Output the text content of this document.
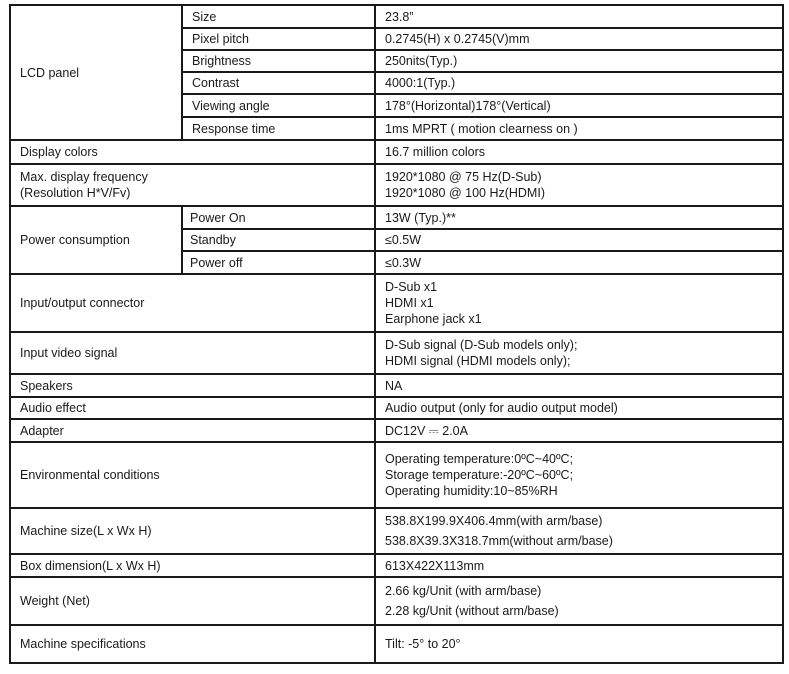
LCD panel	Size	23.8”
	Pixel pitch	0.2745(H) x 0.2745(V)mm
	Brightness	250nits(Typ.)
	Contrast	4000:1(Typ.)
	Viewing angle	178°(Horizontal)178°(Vertical)
	Response time	1ms MPRT ( motion clearness on )
Display colors		16.7 million colors

Max. display frequency
(Resolution H*V/Fv)		1920*1080 @ 75 Hz(D-Sub)
1920*1080 @ 100 Hz(HDMI)

Power consumption	Power On	13W (Typ.)**
	Standby	≤0.5W
	Power off	≤0.3W
Input/output connector		D-Sub x1
HDMI x1
Earphone jack x1

Input video signal		D-Sub signal (D-Sub models only);
HDMI signal (HDMI models only);

Speakers		NA
Audio effect		Audio output (only for audio output model)
Adapter		DC12V ⎓ 2.0A
Environmental conditions		Operating temperature:0ºC~40ºC;
Storage temperature:-20ºC~60ºC;
Operating humidity:10~85%RH

Machine size(L x Wx H)		538.8X199.9X406.4mm(with arm/base)
538.8X39.3X318.7mm(without arm/base)

Box dimension(L x Wx H)		613X422X113mm
Weight (Net)		2.66 kg/Unit (with arm/base)
2.28 kg/Unit (without arm/base)

Machine specifications		Tilt: -5° to 20°
